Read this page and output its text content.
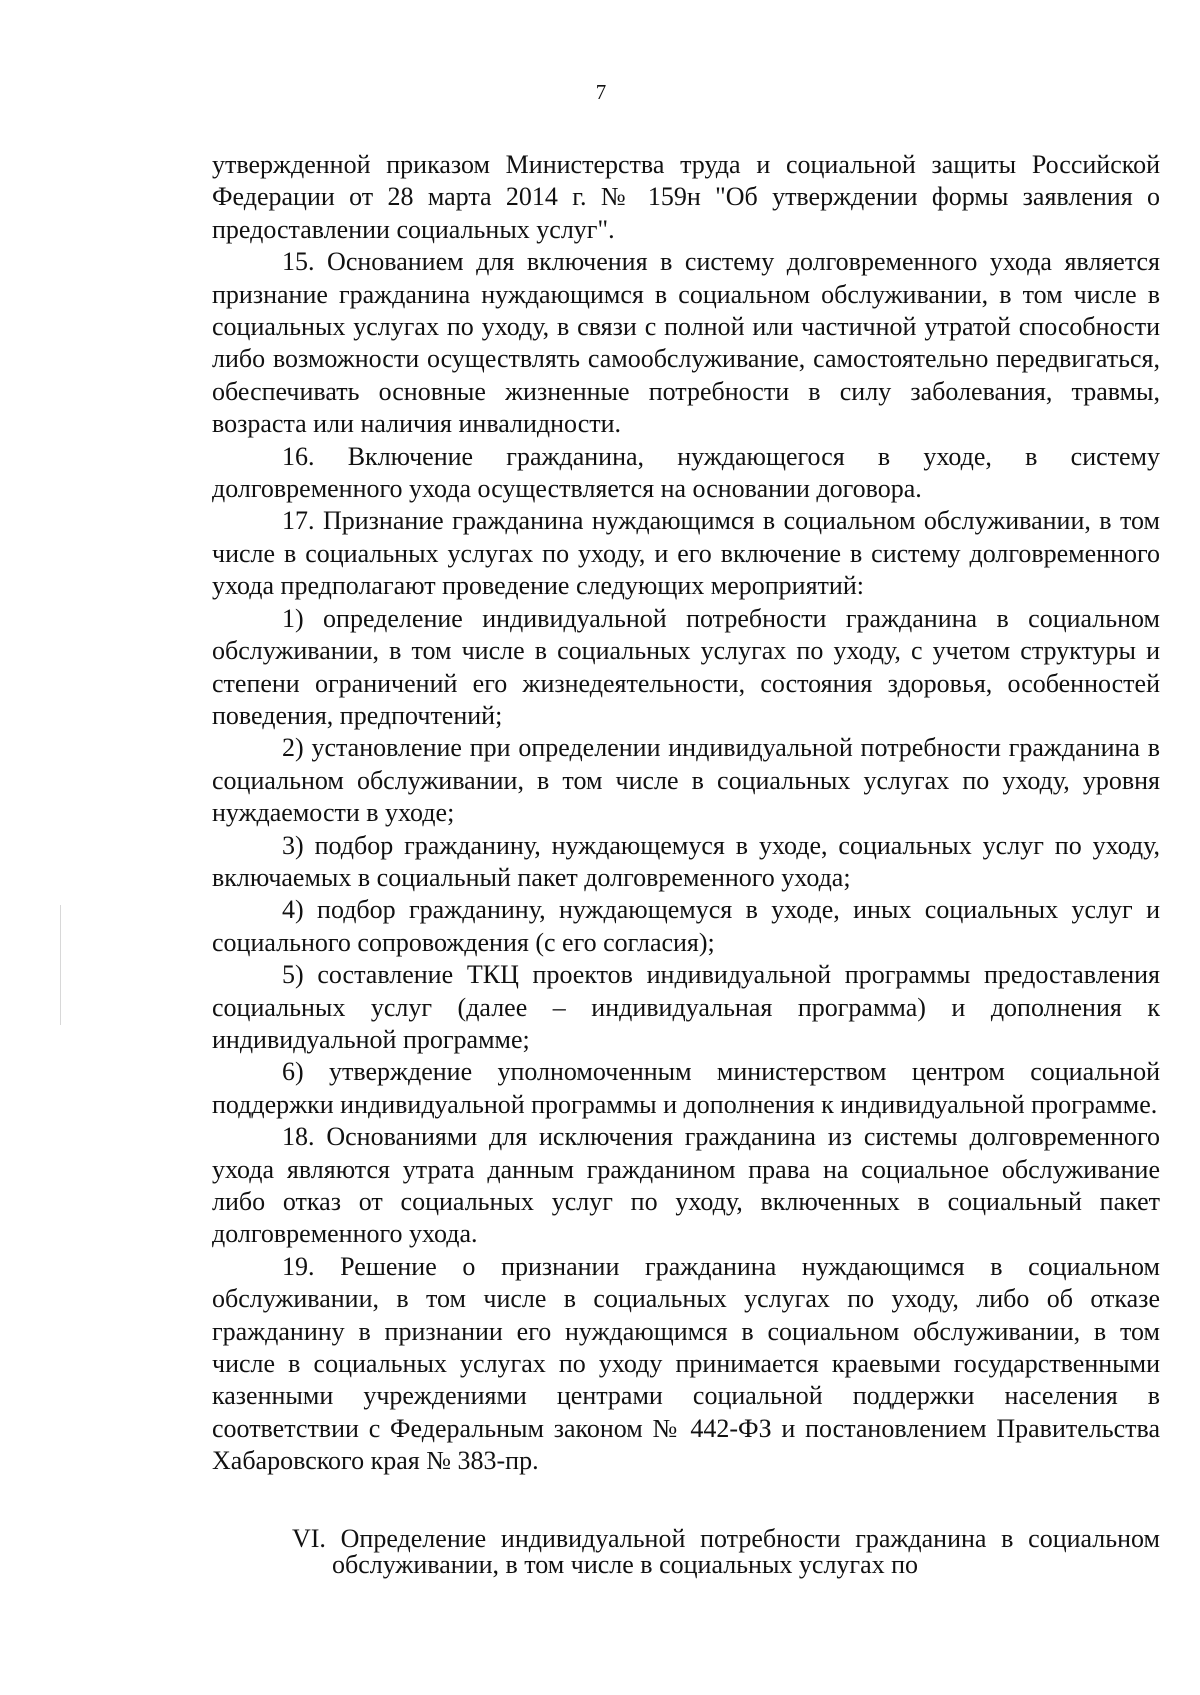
7

утвержденной приказом Министерства труда и социальной защиты Российской Федерации от 28 марта 2014 г. № 159н "Об утверждении формы заявления о предоставлении социальных услуг".

15. Основанием для включения в систему долговременного ухода является признание гражданина нуждающимся в социальном обслуживании, в том числе в социальных услугах по уходу, в связи с полной или частичной утратой способности либо возможности осуществлять самообслуживание, самостоятельно передвигаться, обеспечивать основные жизненные потребности в силу заболевания, травмы, возраста или наличия инвалидности.

16. Включение гражданина, нуждающегося в уходе, в систему долговременного ухода осуществляется на основании договора.

17. Признание гражданина нуждающимся в социальном обслуживании, в том числе в социальных услугах по уходу, и его включение в систему долговременного ухода предполагают проведение следующих мероприятий:

1) определение индивидуальной потребности гражданина в социальном обслуживании, в том числе в социальных услугах по уходу, с учетом структуры и степени ограничений его жизнедеятельности, состояния здоровья, особенностей поведения, предпочтений;

2) установление при определении индивидуальной потребности гражданина в социальном обслуживании, в том числе в социальных услугах по уходу, уровня нуждаемости в уходе;

3) подбор гражданину, нуждающемуся в уходе, социальных услуг по уходу, включаемых в социальный пакет долговременного ухода;

4) подбор гражданину, нуждающемуся в уходе, иных социальных услуг и социального сопровождения (с его согласия);

5) составление ТКЦ проектов индивидуальной программы предоставления социальных услуг (далее – индивидуальная программа) и дополнения к индивидуальной программе;

6) утверждение уполномоченным министерством центром социальной поддержки индивидуальной программы и дополнения к индивидуальной программе.

18. Основаниями для исключения гражданина из системы долговременного ухода являются утрата данным гражданином права на социальное обслуживание либо отказ от социальных услуг по уходу, включенных в социальный пакет долговременного ухода.

19. Решение о признании гражданина нуждающимся в социальном обслуживании, в том числе в социальных услугах по уходу, либо об отказе гражданину в признании его нуждающимся в социальном обслуживании, в том числе в социальных услугах по уходу принимается краевыми государственными казенными учреждениями центрами социальной поддержки населения в соответствии с Федеральным законом № 442-ФЗ и постановлением Правительства Хабаровского края № 383-пр.

VI. Определение индивидуальной потребности гражданина в социальном обслуживании, в том числе в социальных услугах по
